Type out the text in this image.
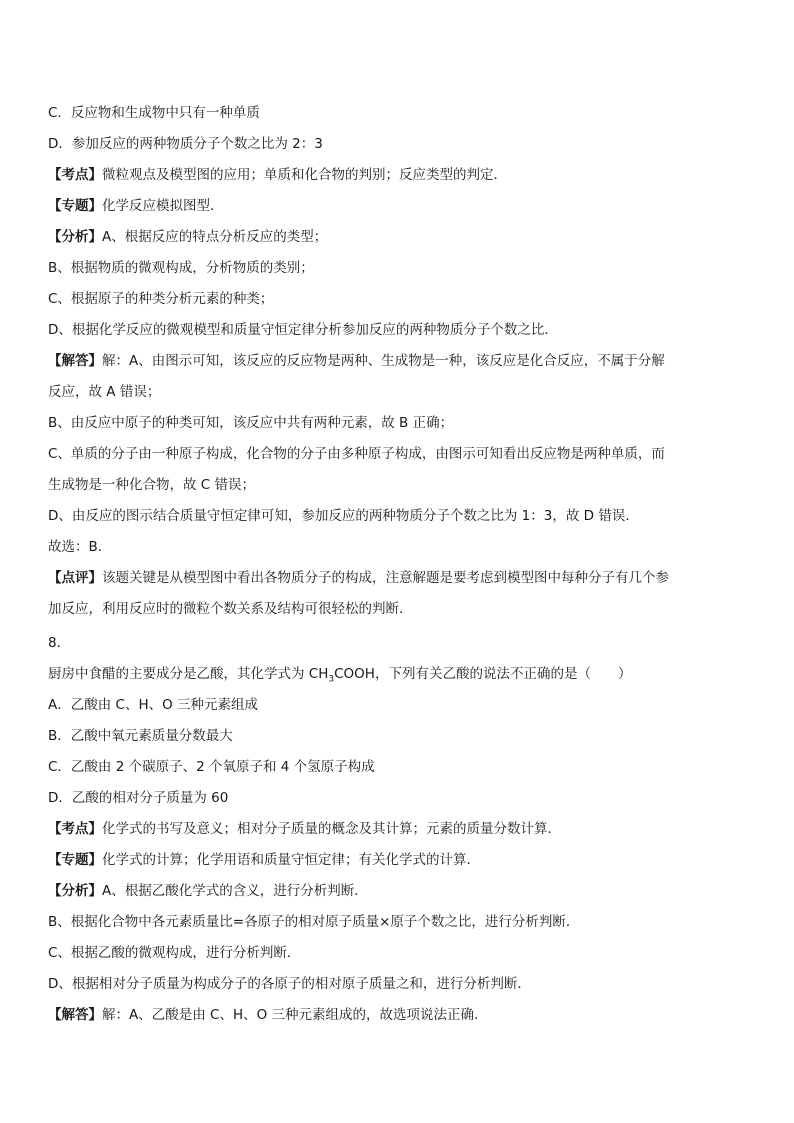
C．反应物和生成物中只有一种单质
D．参加反应的两种物质分子个数之比为 2：3
【考点】微粒观点及模型图的应用；单质和化合物的判别；反应类型的判定．
【专题】化学反应模拟图型．
【分析】A、根据反应的特点分析反应的类型；
B、根据物质的微观构成，分析物质的类别；
C、根据原子的种类分析元素的种类；
D、根据化学反应的微观模型和质量守恒定律分析参加反应的两种物质分子个数之比．
【解答】解：A、由图示可知，该反应的反应物是两种、生成物是一种，该反应是化合反应，不属于分解
反应，故 A 错误；
B、由反应中原子的种类可知，该反应中共有两种元素，故 B 正确；
C、单质的分子由一种原子构成，化合物的分子由多种原子构成，由图示可知看出反应物是两种单质，而
生成物是一种化合物，故 C 错误；
D、由反应的图示结合质量守恒定律可知，参加反应的两种物质分子个数之比为 1：3，故 D 错误．
故选：B．
【点评】该题关键是从模型图中看出各物质分子的构成，注意解题是要考虑到模型图中每种分子有几个参
加反应，利用反应时的微粒个数关系及结构可很轻松的判断．
8．
厨房中食醋的主要成分是乙酸，其化学式为 $CH_3COOH$，下列有关乙酸的说法不正确的是（　　）
A．乙酸由 C、H、O 三种元素组成
B．乙酸中氧元素质量分数最大
C．乙酸由 2 个碳原子、2 个氧原子和 4 个氢原子构成
D．乙酸的相对分子质量为 60
【考点】化学式的书写及意义；相对分子质量的概念及其计算；元素的质量分数计算．
【专题】化学式的计算；化学用语和质量守恒定律；有关化学式的计算．
【分析】A、根据乙酸化学式的含义，进行分析判断．
B、根据化合物中各元素质量比=各原子的相对原子质量×原子个数之比，进行分析判断．
C、根据乙酸的微观构成，进行分析判断．
D、根据相对分子质量为构成分子的各原子的相对原子质量之和，进行分析判断．
【解答】解：A、乙酸是由 C、H、O 三种元素组成的，故选项说法正确．
